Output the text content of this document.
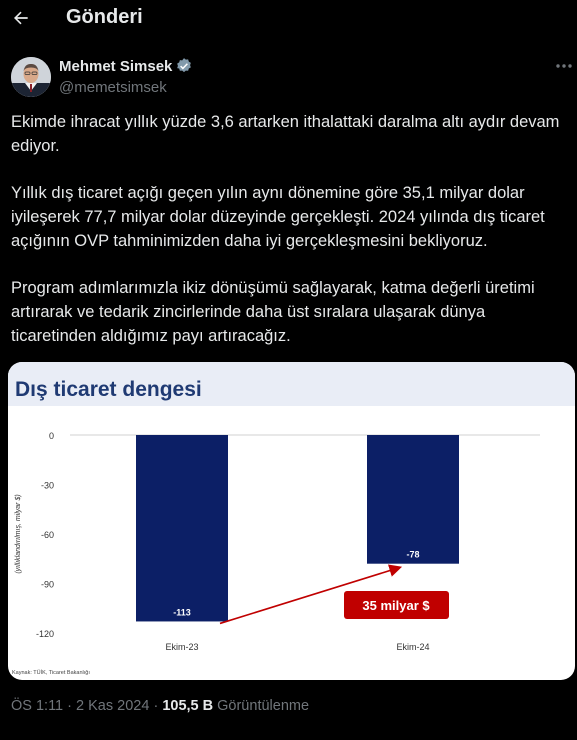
Gönderi
Mehmet Simsek
@memetsimsek

Ekimde ihracat yıllık yüzde 3,6 artarken ithalattaki daralma altı aydır devam ediyor.

Yıllık dış ticaret açığı geçen yılın aynı dönemine göre 35,1 milyar dolar iyileşerek 77,7 milyar dolar düzeyinde gerçekleşti. 2024 yılında dış ticaret açığının OVP tahminimizden daha iyi gerçekleşmesini bekliyoruz.

Program adımlarımızla ikiz dönüşümü sağlayarak, katma değerli üretimi artırarak ve tedarik zincirlerinde daha üst sıralara ulaşarak dünya ticaretinden aldığımız payı artıracağız.

Dış ticaret dengesi
(yıllıklandırılmış, milyar $)
0
-30
-60
-90
-120
-113
Ekim-23
-78
Ekim-24
35 milyar $
Kaynak: TÜİK, Ticaret Bakanlığı
ÖS 1:11 · 2 Kas 2024 · 105,5 B Görüntülenme
